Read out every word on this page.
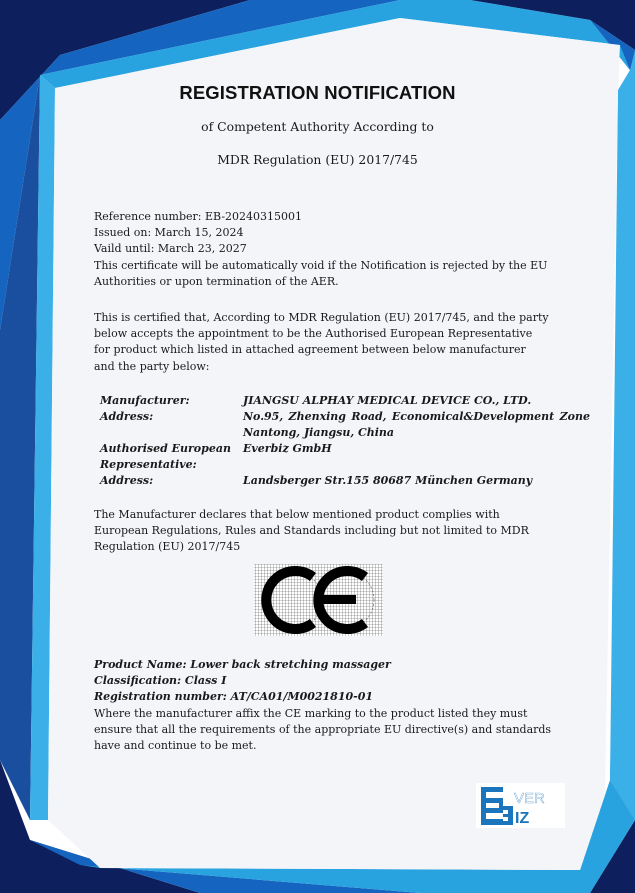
REGISTRATION NOTIFICATION
of Competent Authority According to
MDR Regulation (EU) 2017/745

Reference number: EB-20240315001

Issued on: March 15, 2024

Vaild until: March 23, 2027

This certificate will be automatically void if the Notification is rejected by the EU Authorities or upon termination of the AER.

This is certified that, According to MDR Regulation (EU) 2017/745, and the party below accepts the appointment to be the Authorised European Representative for product which listed in attached agreement between below manufacturer and the party below:
Manufacturer:	JIANGSU ALPHAY MEDICAL DEVICE CO., LTD.
Address:	No.95, Zhenxing Road, Economical&Development Zone Nantong, Jiangsu, China
Authorised European Representative:
Everbiz GmbH
Address:	Landsberger Str.155 80687 München Germany
The Manufacturer declares that below mentioned product complies with European Regulations, Rules and Standards including but not limited to MDR Regulation (EU) 2017/745
Product Name: Lower back stretching massager
Classification: Class Ⅰ
Registration number: AT/CA01/M0021810-01
Where the manufacturer affix the CE marking to the product listed they must ensure that all the requirements of the appropriate EU directive(s) and standards have and continue to be met.
VER
IZ
